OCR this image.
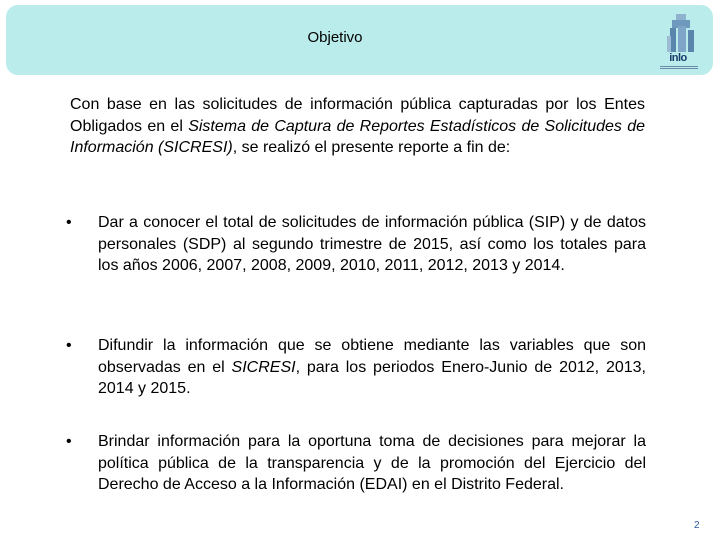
Objetivo
inlo
Con base en las solicitudes de información pública capturadas por los Entes Obligados en el Sistema de Captura de Reportes Estadísticos de Solicitudes de Información (SICRESI), se realizó el presente reporte a fin de:
•	Dar a conocer el total de solicitudes de información pública (SIP) y de datos personales (SDP) al segundo trimestre de 2015, así como los totales para los años 2006, 2007, 2008, 2009, 2010, 2011, 2012, 2013 y 2014.
•	Difundir la información que se obtiene mediante las variables que son observadas en el SICRESI, para los periodos Enero-Junio de 2012, 2013, 2014 y 2015.
•	Brindar información para la oportuna toma de decisiones para mejorar la política pública de la transparencia y de la promoción del Ejercicio del Derecho de Acceso a la Información (EDAI) en el Distrito Federal.
2
